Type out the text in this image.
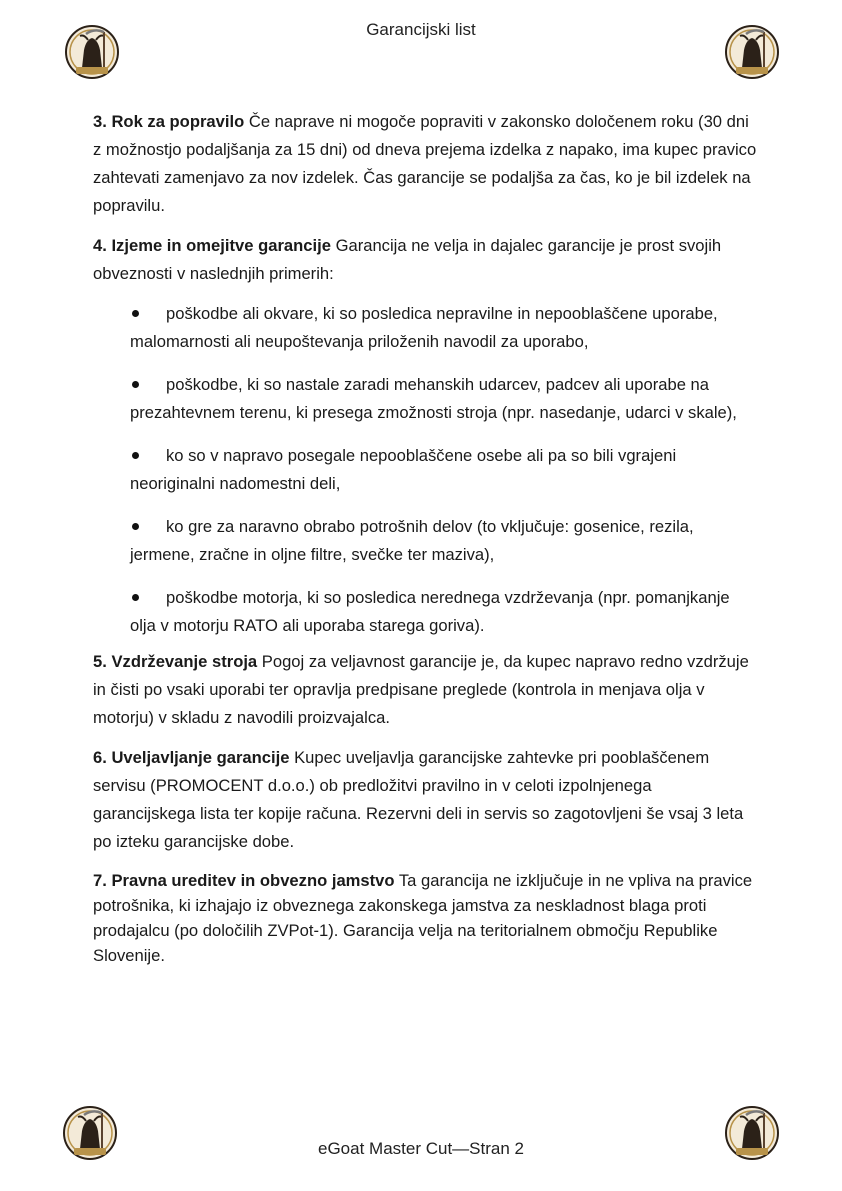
Garancijski list

3. Rok za popravilo Če naprave ni mogoče popraviti v zakonsko določenem roku (30 dni z možnostjo podaljšanja za 15 dni) od dneva prejema izdelka z napako, ima kupec pravico zahtevati zamenjavo za nov izdelek. Čas garancije se podaljša za čas, ko je bil izdelek na popravilu.

4. Izjeme in omejitve garancije Garancija ne velja in dajalec garancije je prost svojih obveznosti v naslednjih primerih:

poškodbe ali okvare, ki so posledica nepravilne in nepooblaščene uporabe, malomarnosti ali neupoštevanja priloženih navodil za uporabo,
poškodbe, ki so nastale zaradi mehanskih udarcev, padcev ali uporabe na prezahtevnem terenu, ki presega zmožnosti stroja (npr. nasedanje, udarci v skale),
ko so v napravo posegale nepooblaščene osebe ali pa so bili vgrajeni neoriginalni nadomestni deli,
ko gre za naravno obrabo potrošnih delov (to vključuje: gosenice, rezila, jermene, zračne in oljne filtre, svečke ter maziva),
poškodbe motorja, ki so posledica nerednega vzdrževanja (npr. pomanjkanje olja v motorju RATO ali uporaba starega goriva).

5. Vzdrževanje stroja Pogoj za veljavnost garancije je, da kupec napravo redno vzdržuje in čisti po vsaki uporabi ter opravlja predpisane preglede (kontrola in menjava olja v motorju) v skladu z navodili proizvajalca.

6. Uveljavljanje garancije Kupec uveljavlja garancijske zahtevke pri pooblaščenem servisu (PROMOCENT d.o.o.) ob predložitvi pravilno in v celoti izpolnjenega garancijskega lista ter kopije računa. Rezervni deli in servis so zagotovljeni še vsaj 3 leta po izteku garancijske dobe.

7. Pravna ureditev in obvezno jamstvo Ta garancija ne izključuje in ne vpliva na pravice potrošnika, ki izhajajo iz obveznega zakonskega jamstva za neskladnost blaga proti prodajalcu (po določilih ZVPot-1). Garancija velja na teritorialnem območju Republike Slovenije.

eGoat Master Cut—Stran 2
